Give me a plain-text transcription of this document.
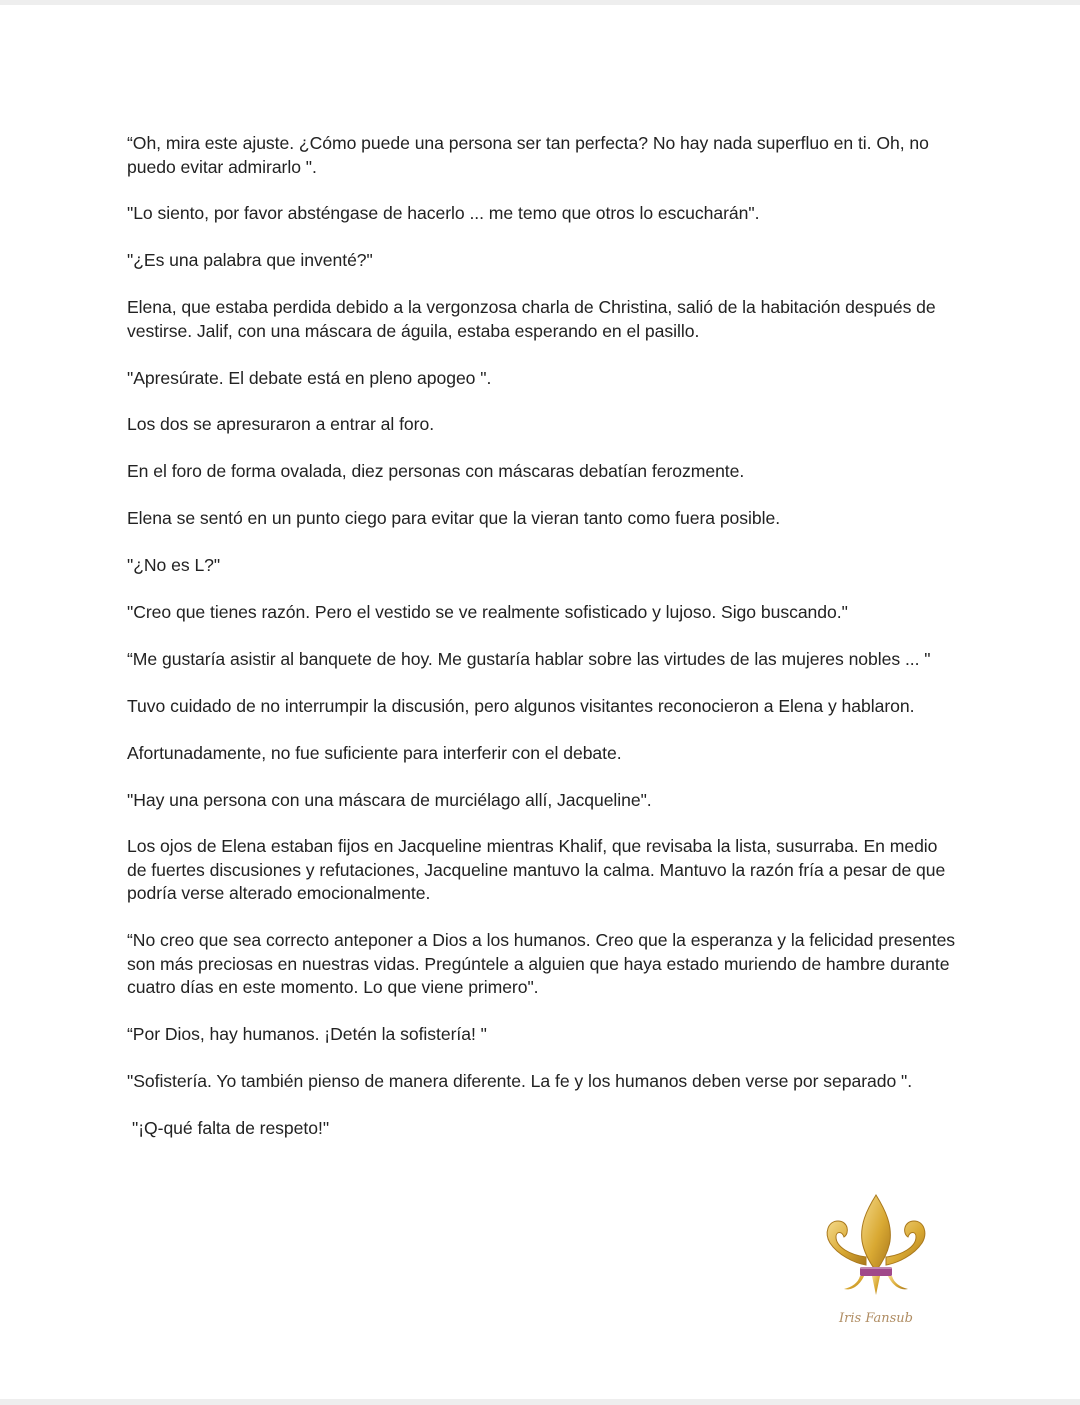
“Oh, mira este ajuste. ¿Cómo puede una persona ser tan perfecta? No hay nada superfluo en ti. Oh, no puedo evitar admirarlo ".

"Lo siento, por favor absténgase de hacerlo ... me temo que otros lo escucharán".

"¿Es una palabra que inventé?"

Elena, que estaba perdida debido a la vergonzosa charla de Christina, salió de la habitación después de vestirse. Jalif, con una máscara de águila, estaba esperando en el pasillo.

"Apresúrate. El debate está en pleno apogeo ".

Los dos se apresuraron a entrar al foro.

En el foro de forma ovalada, diez personas con máscaras debatían ferozmente.

Elena se sentó en un punto ciego para evitar que la vieran tanto como fuera posible.

"¿No es L?"

"Creo que tienes razón. Pero el vestido se ve realmente sofisticado y lujoso. Sigo buscando."

“Me gustaría asistir al banquete de hoy. Me gustaría hablar sobre las virtudes de las mujeres nobles ... "

Tuvo cuidado de no interrumpir la discusión, pero algunos visitantes reconocieron a Elena y hablaron.

Afortunadamente, no fue suficiente para interferir con el debate.

"Hay una persona con una máscara de murciélago allí, Jacqueline".

Los ojos de Elena estaban fijos en Jacqueline mientras Khalif, que revisaba la lista, susurraba. En medio de fuertes discusiones y refutaciones, Jacqueline mantuvo la calma. Mantuvo la razón fría a pesar de que podría verse alterado emocionalmente.

“No creo que sea correcto anteponer a Dios a los humanos. Creo que la esperanza y la felicidad presentes son más preciosas en nuestras vidas. Pregúntele a alguien que haya estado muriendo de hambre durante cuatro días en este momento. Lo que viene primero".

“Por Dios, hay humanos. ¡Detén la sofistería! "

"Sofistería. Yo también pienso de manera diferente. La fe y los humanos deben verse por separado ".

"¡Q-qué falta de respeto!"

Iris Fansub
